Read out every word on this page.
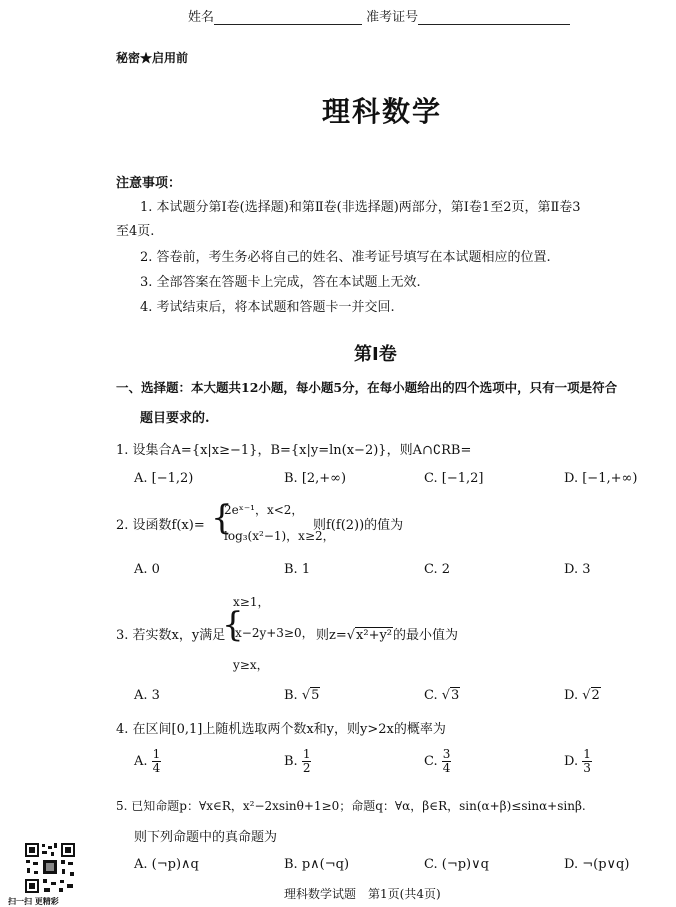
姓名	准考证号
秘密★启用前
理科数学
注意事项：
1. 本试题分第Ⅰ卷(选择题)和第Ⅱ卷(非选择题)两部分，第Ⅰ卷1至2页，第Ⅱ卷3
至4页.
2. 答卷前，考生务必将自己的姓名、准考证号填写在本试题相应的位置.
3. 全部答案在答题卡上完成，答在本试题上无效.
4. 考试结束后，将本试题和答题卡一并交回.
第Ⅰ卷
一、选择题：本大题共12小题，每小题5分，在每小题给出的四个选项中，只有一项是符合
题目要求的.
1. 设集合A={x|x≥−1}，B={x|y=ln(x−2)}，则A∩∁RB=
A. [−1,2)	B. [2,+∞)	C. [−1,2]	D. [−1,+∞)
2. 设函数f(x)= {
2eˣ⁻¹，x<2，
log₃(x²−1)，x≥2，
则f(f(2))的值为
A. 0	B. 1	C. 2	D. 3
x≥1，
3. 若实数x，y满足
{
x−2y+3≥0， 则z=√x²+y²的最小值为
y≥x，
A. 3	B. √5	C. √3	D. √2
4. 在区间[0,1]上随机选取两个数x和y，则y>2x的概率为
A. $\frac{1}{4}$	B. $\frac{1}{2}$	C. $\frac{3}{4}$	D. $\frac{1}{3}$
5. 已知命题p：∀x∈R，x²−2xsinθ+1≥0；命题q：∀α，β∈R，sin(α+β)≤sinα+sinβ.
则下列命题中的真命题为
A. (¬p)∧q	B. p∧(¬q)	C. (¬p)∨q	D. ¬(p∨q)
扫一扫 更精彩	理科数学试题　第1页(共4页)
